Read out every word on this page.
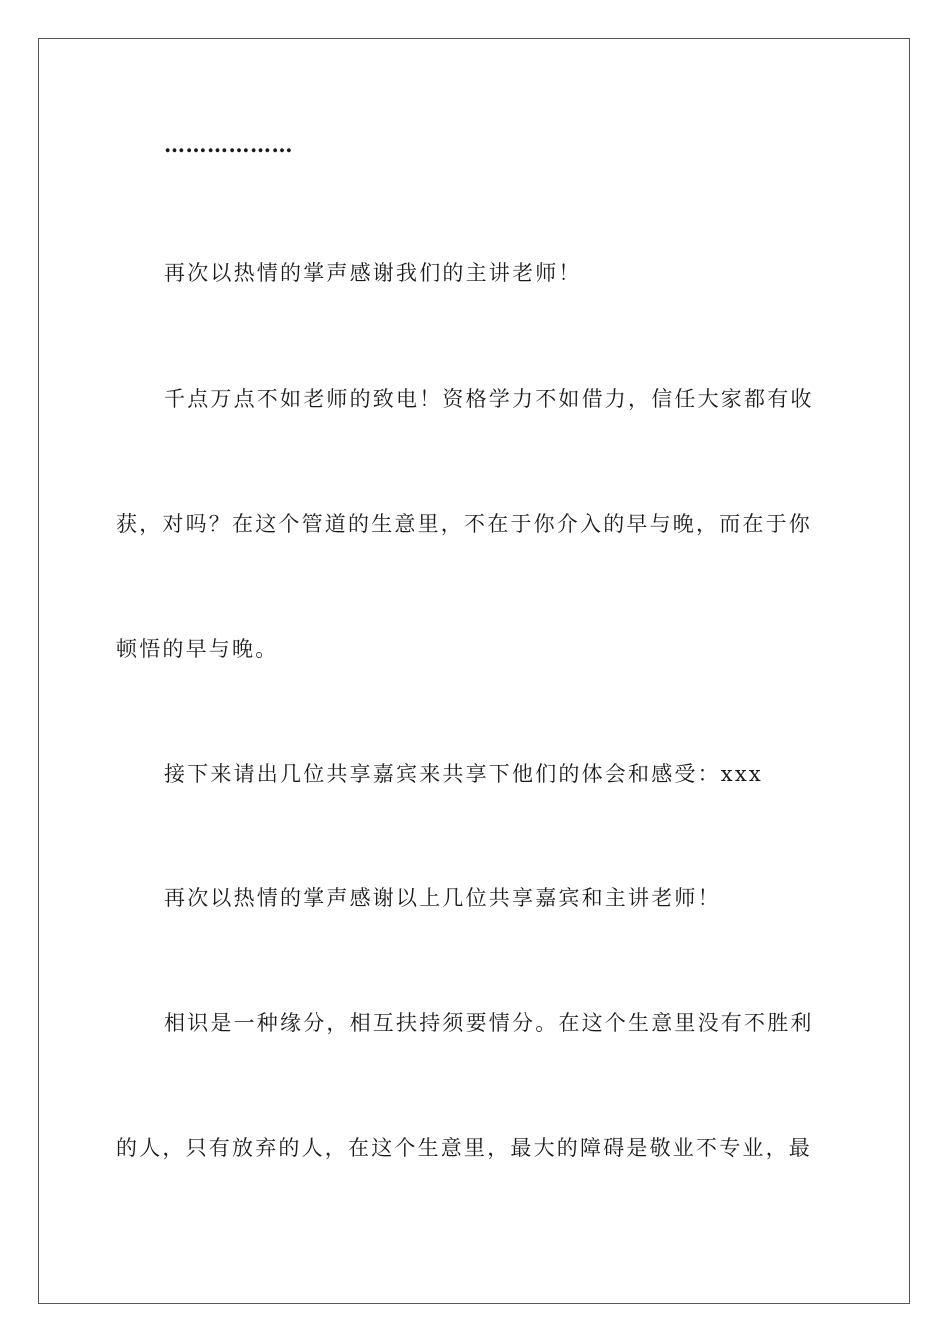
………………
再次以热情的掌声感谢我们的主讲老师！
千点万点不如老师的致电！资格学力不如借力，信任大家都有收
获，对吗？在这个管道的生意里，不在于你介入的早与晚，而在于你
顿悟的早与晚。
接下来请出几位共享嘉宾来共享下他们的体会和感受：xxx
再次以热情的掌声感谢以上几位共享嘉宾和主讲老师！
相识是一种缘分，相互扶持须要情分。在这个生意里没有不胜利
的人，只有放弃的人，在这个生意里，最大的障碍是敬业不专业，最
